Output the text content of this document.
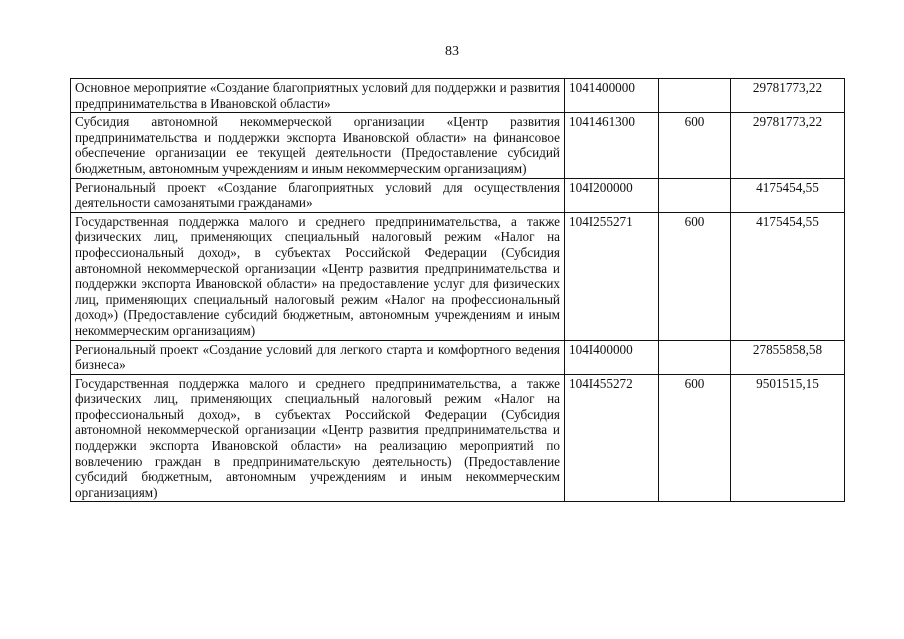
83
Основное мероприятие «Создание благоприятных условий для поддержки и развития предпринимательства в Ивановской области»	1041400000		29781773,22
Субсидия автономной некоммерческой организации «Центр развития предпринимательства и поддержки экспорта Ивановской области» на финансовое обеспечение организации ее текущей деятельности (Предоставление субсидий бюджетным, автономным учреждениям и иным некоммерческим организациям)	1041461300	600	29781773,22
Региональный проект «Создание благоприятных условий для осуществления деятельности самозанятыми гражданами»	104I200000		4175454,55
Государственная поддержка малого и среднего предпринимательства, а также физических лиц, применяющих специальный налоговый режим «Налог на профессиональный доход», в субъектах Российской Федерации (Субсидия автономной некоммерческой организации «Центр развития предпринимательства и поддержки экспорта Ивановской области» на предоставление услуг для физических лиц, применяющих специальный налоговый режим «Налог на профессиональный доход») (Предоставление субсидий бюджетным, автономным учреждениям и иным некоммерческим организациям)	104I255271	600	4175454,55
Региональный проект «Создание условий для легкого старта и комфортного ведения бизнеса»	104I400000		27855858,58
Государственная поддержка малого и среднего предпринимательства, а также физических лиц, применяющих специальный налоговый режим «Налог на профессиональный доход», в субъектах Российской Федерации (Субсидия автономной некоммерческой организации «Центр развития предпринимательства и поддержки экспорта Ивановской области» на реализацию мероприятий по вовлечению граждан в предпринимательскую деятельность) (Предоставление субсидий бюджетным, автономным учреждениям и иным некоммерческим организациям)	104I455272	600	9501515,15
